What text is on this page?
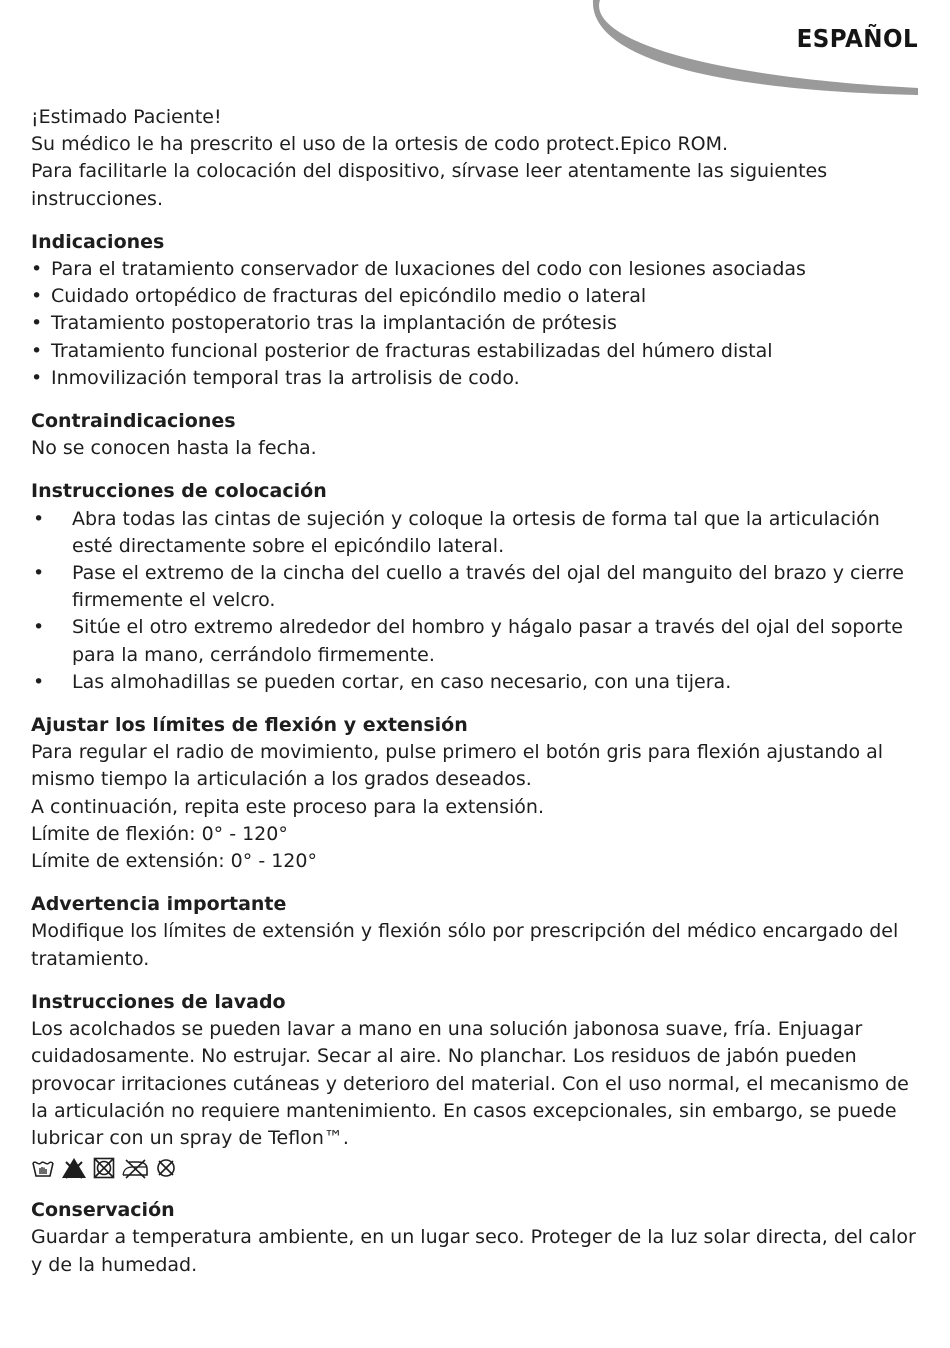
ESPAÑOL

¡Estimado Paciente!

Su médico le ha prescrito el uso de la ortesis de codo protect.Epico ROM.

Para facilitarle la colocación del dispositivo, sírvase leer atentamente las siguientes instrucciones.

Indicaciones

• Para el tratamiento conservador de luxaciones del codo con lesiones asociadas
• Cuidado ortopédico de fracturas del epicóndilo medio o lateral
• Tratamiento postoperatorio tras la implantación de prótesis
• Tratamiento funcional posterior de fracturas estabilizadas del húmero distal
• Inmovilización temporal tras la artrolisis de codo.

Contraindicaciones

No se conocen hasta la fecha.

Instrucciones de colocación

• Abra todas las cintas de sujeción y coloque la ortesis de forma tal que la articulación esté directamente sobre el epicóndilo lateral.
• Pase el extremo de la cincha del cuello a través del ojal del manguito del brazo y cierre firmemente el velcro.
• Sitúe el otro extremo alrededor del hombro y hágalo pasar a través del ojal del soporte para la mano, cerrándolo firmemente.
• Las almohadillas se pueden cortar, en caso necesario, con una tijera.

Ajustar los límites de flexión y extensión

Para regular el radio de movimiento, pulse primero el botón gris para flexión ajustando al mismo tiempo la articulación a los grados deseados.

A continuación, repita este proceso para la extensión.

Límite de flexión: 0° - 120°

Límite de extensión: 0° - 120°

Advertencia importante

Modifique los límites de extensión y flexión sólo por prescripción del médico encargado del tratamiento.

Instrucciones de lavado

Los acolchados se pueden lavar a mano en una solución jabonosa suave, fría. Enjuagar cuidadosamente. No estrujar. Secar al aire. No planchar. Los residuos de jabón pueden provocar irritaciones cutáneas y deterioro del material. Con el uso normal, el mecanismo de la articulación no requiere mantenimiento. En casos excepcionales, sin embargo, se puede lubricar con un spray de Teflon™.

Conservación

Guardar a temperatura ambiente, en un lugar seco. Proteger de la luz solar directa, del calor y de la humedad.
